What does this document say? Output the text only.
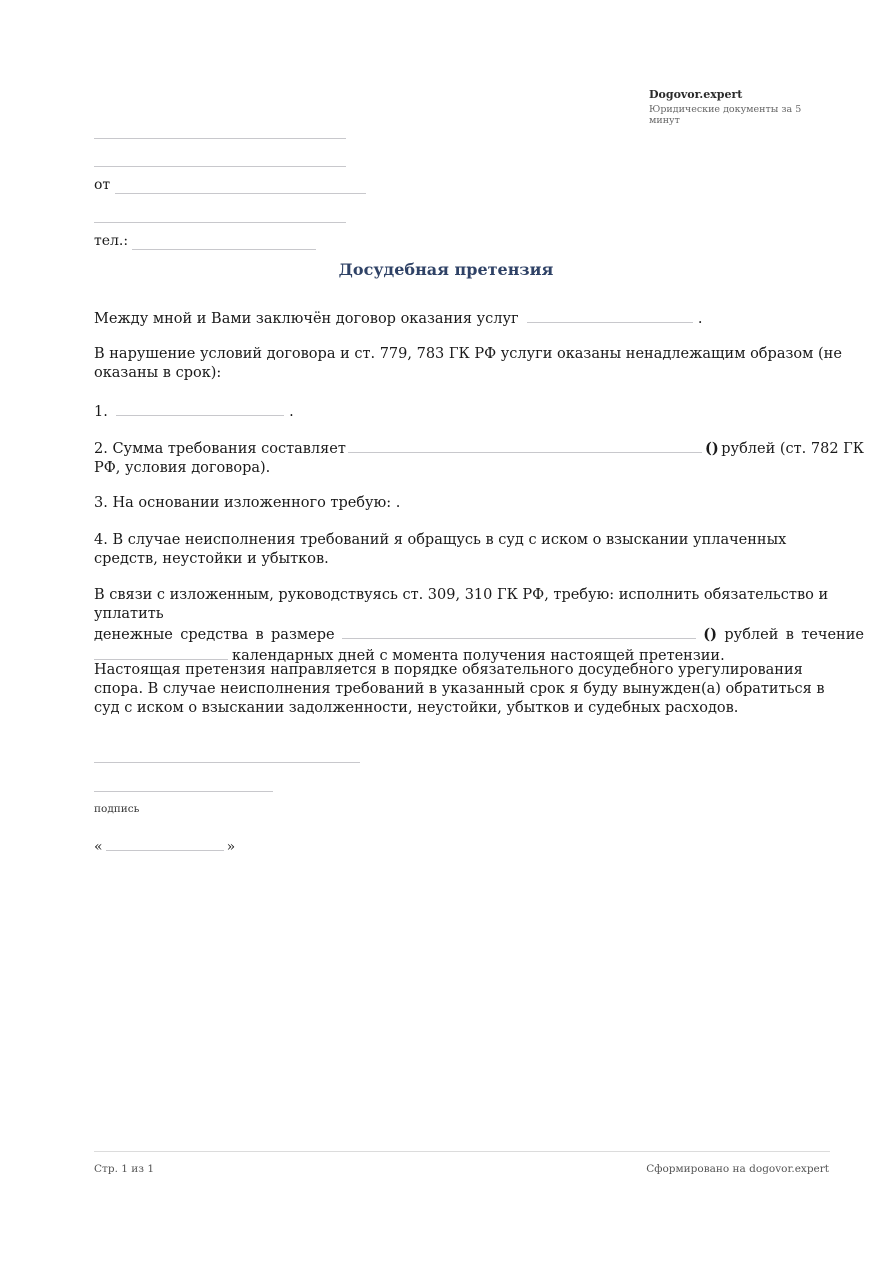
Dogovor.expert
Юридические документы за 5 минут
от
тел.:
Досудебная претензия
Между мной и Вами заключён договор оказания услуг	.
В нарушение условий договора и ст. 779, 783 ГК РФ услуги оказаны ненадлежащим образом (не оказаны в срок):
1.	.
2. Сумма требования составляет	() рублей (ст. 782 ГК
РФ, условия договора).
3. На основании изложенного требую: .
4. В случае неисполнения требований я обращусь в суд с иском о взыскании уплаченных средств, неустойки и убытков.
В связи с изложенным, руководствуясь ст. 309, 310 ГК РФ, требую: исполнить обязательство и уплатить
денежные средства в размере	() рублей в течение
календарных дней с момента получения настоящей претензии.
Настоящая претензия направляется в порядке обязательного досудебного урегулирования спора. В случае неисполнения требований в указанный срок я буду вынужден(а) обратиться в суд с иском о взыскании задолженности, неустойки, убытков и судебных расходов.
подпись
«	»
Стр. 1 из 1	Сформировано на dogovor.expert
